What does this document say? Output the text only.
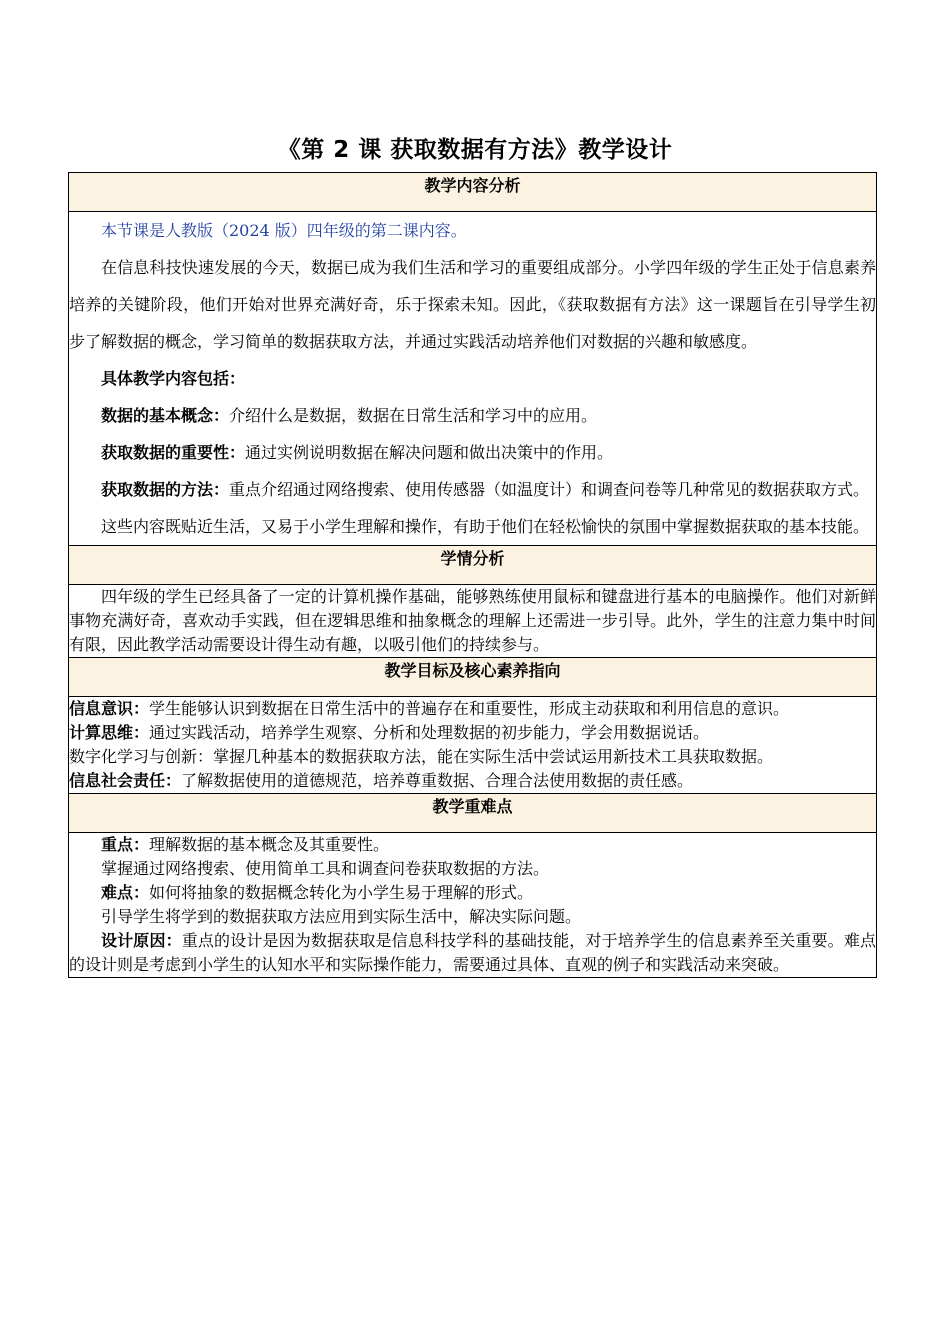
《第 2 课 获取数据有方法》教学设计
教学内容分析

本节课是人教版（2024 版）四年级的第二课内容。

在信息科技快速发展的今天，数据已成为我们生活和学习的重要组成部分。小学四年级的学生正处于信息素养培养的关键阶段，他们开始对世界充满好奇，乐于探索未知。因此，《获取数据有方法》这一课题旨在引导学生初步了解数据的概念，学习简单的数据获取方法，并通过实践活动培养他们对数据的兴趣和敏感度。

具体教学内容包括：

数据的基本概念：介绍什么是数据，数据在日常生活和学习中的应用。

获取数据的重要性：通过实例说明数据在解决问题和做出决策中的作用。

获取数据的方法：重点介绍通过网络搜索、使用传感器（如温度计）和调查问卷等几种常见的数据获取方式。

这些内容既贴近生活，又易于小学生理解和操作，有助于他们在轻松愉快的氛围中掌握数据获取的基本技能。

学情分析

四年级的学生已经具备了一定的计算机操作基础，能够熟练使用鼠标和键盘进行基本的电脑操作。他们对新鲜事物充满好奇，喜欢动手实践，但在逻辑思维和抽象概念的理解上还需进一步引导。此外，学生的注意力集中时间有限，因此教学活动需要设计得生动有趣，以吸引他们的持续参与。

教学目标及核心素养指向

信息意识：学生能够认识到数据在日常生活中的普遍存在和重要性，形成主动获取和利用信息的意识。

计算思维：通过实践活动，培养学生观察、分析和处理数据的初步能力，学会用数据说话。

数字化学习与创新：掌握几种基本的数据获取方法，能在实际生活中尝试运用新技术工具获取数据。

信息社会责任：了解数据使用的道德规范，培养尊重数据、合理合法使用数据的责任感。

教学重难点

重点：理解数据的基本概念及其重要性。

掌握通过网络搜索、使用简单工具和调查问卷获取数据的方法。

难点：如何将抽象的数据概念转化为小学生易于理解的形式。

引导学生将学到的数据获取方法应用到实际生活中，解决实际问题。

设计原因：重点的设计是因为数据获取是信息科技学科的基础技能，对于培养学生的信息素养至关重要。难点的设计则是考虑到小学生的认知水平和实际操作能力，需要通过具体、直观的例子和实践活动来突破。
